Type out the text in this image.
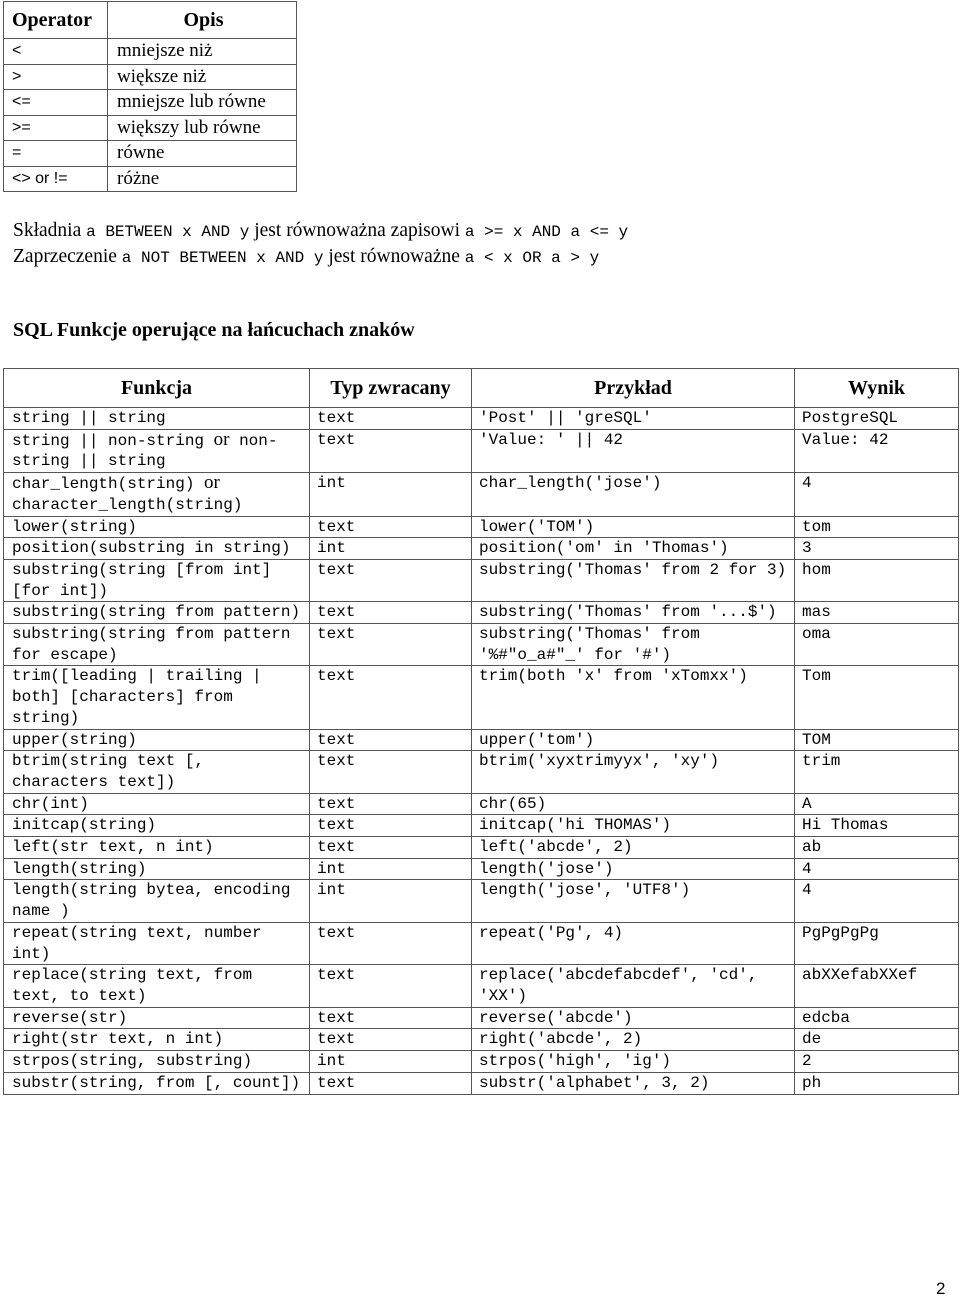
Operator	Opis
<	mniejsze niż
>	większe niż
<=	mniejsze lub równe
>=	większy lub równe
=	równe
<> or !=	różne
Składnia a BETWEEN x AND y jest równoważna zapisowi a >= x AND a <= y
Zaprzeczenie a NOT BETWEEN x AND y jest równoważne a < x OR a > y
SQL Funkcje operujące na łańcuchach znaków
Funkcja	Typ zwracany	Przykład	Wynik
string || string	text	'Post' || 'greSQL'	PostgreSQL
string || non-string or non-string || string	text	'Value: ' || 42	Value: 42
char_length(string) or character_length(string)	int	char_length('jose')	4
lower(string)	text	lower('TOM')	tom
position(substring in string)	int	position('om' in 'Thomas')	3
substring(string [from int] [for int])	text	substring('Thomas' from 2 for 3)	hom
substring(string from pattern)	text	substring('Thomas' from '...$')	mas
substring(string from pattern for escape)	text	substring('Thomas' from '%#"o_a#"_' for '#')	oma
trim([leading | trailing | both] [characters] from string)	text	trim(both 'x' from 'xTomxx')	Tom
upper(string)	text	upper('tom')	TOM
btrim(string text [, characters text])	text	btrim('xyxtrimyyx', 'xy')	trim
chr(int)	text	chr(65)	A
initcap(string)	text	initcap('hi THOMAS')	Hi Thomas
left(str text, n int)	text	left('abcde', 2)	ab
length(string)	int	length('jose')	4
length(string bytea, encoding name )	int	length('jose', 'UTF8')	4
repeat(string text, number int)	text	repeat('Pg', 4)	PgPgPgPg
replace(string text, from text, to text)	text	replace('abcdefabcdef', 'cd', 'XX')	abXXefabXXef
reverse(str)	text	reverse('abcde')	edcba
right(str text, n int)	text	right('abcde', 2)	de
strpos(string, substring)	int	strpos('high', 'ig')	2
substr(string, from [, count])	text	substr('alphabet', 3, 2)	ph
2
